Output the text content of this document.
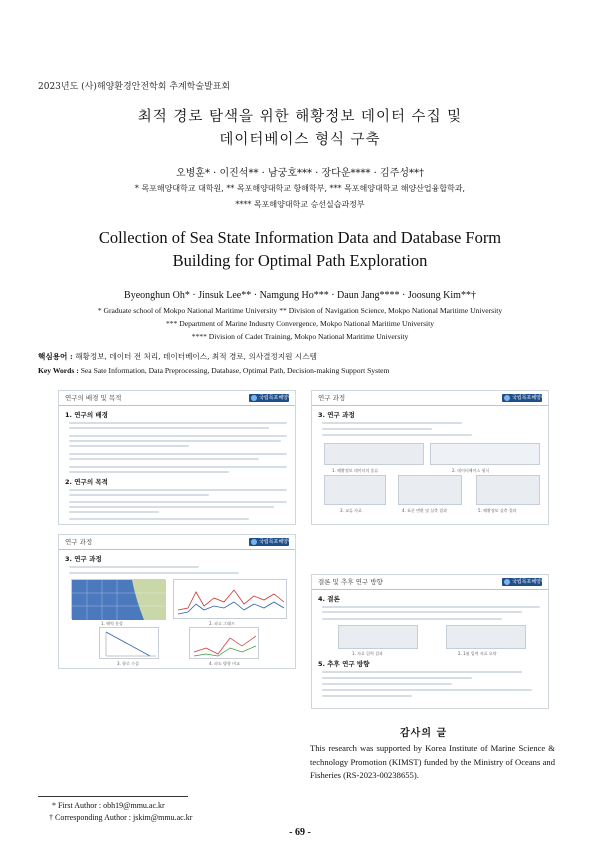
2023년도 (사)해양환경안전학회 추계학술발표회
최적 경로 탐색을 위한 해황정보 데이터 수집 및
데이터베이스 형식 구축
오병훈* · 이진석** · 남궁호*** · 장다운**** · 김주성**†
* 목포해양대학교 대학원, ** 목포해양대학교 항해학부, *** 목포해양대학교 해양산업융합학과,
**** 목포해양대학교 승선실습과정부
Collection of Sea State Information Data and Database Form
Building for Optimal Path Exploration
Byeonghun Oh* · Jinsuk Lee** · Namgung Ho*** · Daun Jang**** · Joosung Kim**†
* Graduate school of Mokpo National Maritime University ** Division of Navigation Science, Mokpo National Maritime University
*** Department of Marine Indusrty Convergence, Mokpo National Maritime University
**** Division of Cadet Training, Mokpo National Maritime University
핵심용어 : 해황정보, 데이터 전 처리, 데이터베이스, 최적 경로, 의사결정지원 시스템
Key Words : Sea Sate Information, Data Preprocessing, Database, Optimal Path, Decision-making Support System
연구의 배경 및 목적	국립목포해양대학교
1. 연구의 배경
2. 연구의 목적
연구 과정	국립목포해양대학교
3. 연구 과정
1. 해황정보 데이터의 종류	2. 데이터베이스 형식
3. 교류 자료	4. 표준 변환 및 실측 결과	5. 해황정보 실측 결과
연구 과정	국립목포해양대학교
3. 연구 과정
1. 해역 분할	2. 파고 그래프
3. 항로 수집	4. 파도 방향 비교
결론 및 추후 연구 방향	국립목포해양대학교
4. 결론
1. 자료 입력 결과	2. 1월 입력 자료 요약
5. 추후 연구 방향
감사의 글
This research was supported by Korea Institute of Marine Science & technology Promotion (KIMST) funded by the Ministry of Oceans and Fisheries (RS-2023-00238655).
* First Author : obh19@mmu.ac.kr
† Corresponding Author : jskim@mmu.ac.kr
- 69 -
